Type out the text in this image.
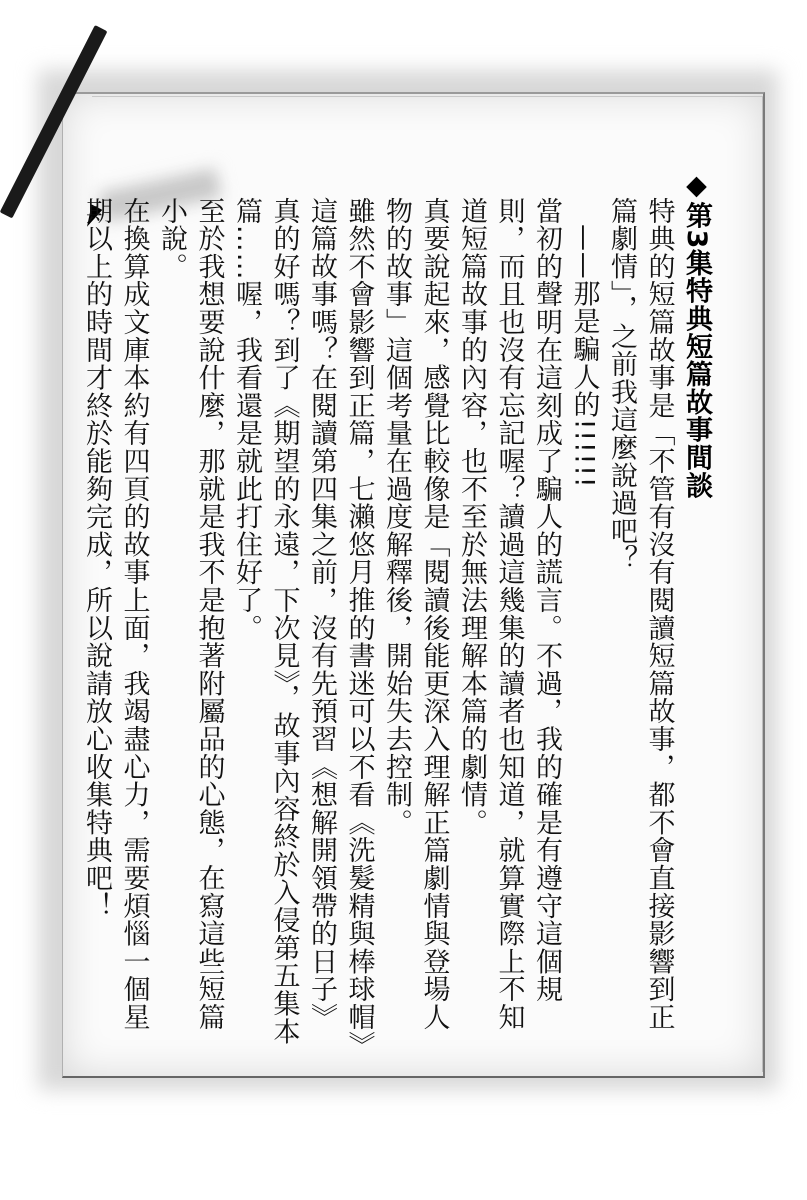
◆第3集特典短篇故事間談

特典的短篇故事是「不管有沒有閱讀短篇故事，都不會直接影響到正篇劇情」，之前我這麼說過吧？

——那是騙人的!!!!!!

當初的聲明在這刻成了騙人的謊言。不過，我的確是有遵守這個規則，而且也沒有忘記喔？讀過這幾集的讀者也知道，就算實際上不知道短篇故事的內容，也不至於無法理解本篇的劇情。

真要說起來，感覺比較像是「閱讀後能更深入理解正篇劇情與登場人物的故事」這個考量在過度解釋後，開始失去控制。

雖然不會影響到正篇，七瀨悠月推的書迷可以不看《洗髮精與棒球帽》這篇故事嗎？在閱讀第四集之前，沒有先預習《想解開領帶的日子》真的好嗎？到了《期望的永遠，下次見》，故事內容終於入侵第五集本篇……喔，我看還是就此打住好了。

至於我想要說什麼，那就是我不是抱著附屬品的心態，在寫這些短篇小說。

在換算成文庫本約有四頁的故事上面，我竭盡心力，需要煩惱一個星期以上的時間才終於能夠完成，所以說請放心收集特典吧！
